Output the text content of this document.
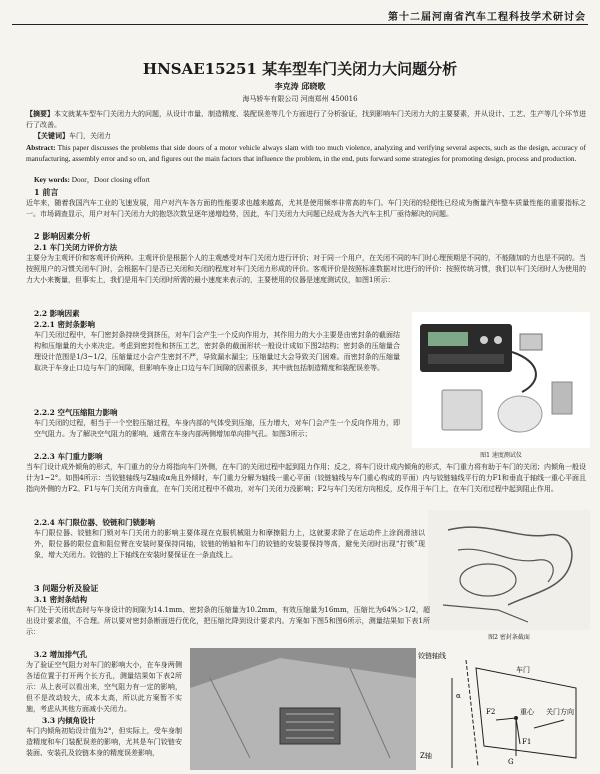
第十二届河南省汽车工程科技学术研讨会
HNSAE15251 某车型车门关闭力大问题分析
李克涛 邱晓歌
海马轿车有限公司 河南郑州 450016
【摘要】本文就某车型车门关闭力大的问题，从设计市量、制造精度、装配误差等几个方面进行了分析验证，找到影响车门关闭力大的主要要素，并从设计、工艺、生产等几个环节进行了改善。
【关键词】车门，关闭力
Abstract: This paper discusses the problems that side doors of a motor vehicle always slam with too much violence, analyzing and verifying several aspects, such as the design, accuracy of manufacturing, assembly error and so on, and figures out the main factors that influence the problem, in the end, puts forward some strategies for promoting design, process and production.
Key words: Door，Door closing effort
1 前言
近年来，随着我国汽车工业的飞速发展，用户对汽车各方面的性能要求也越来越高，尤其是使用频率非常高的车门。车门关闭的轻便性已经成为衡量汽车整车质量性能的重要指标之一。市场调查显示，用户对车门关闭力大的抱怨次数呈逐年递增趋势，因此，车门关闭力大问题已经成为各大汽车主机厂亟待解决的问题。
2 影响因素分析
2.1 车门关闭力评价方法
主要分为主观评价和客观评价两种。主观评价是根据个人的主观感受对车门关闭力进行评价；对于同一个用户，在关闭不同的车门时心理预期是不同的，不能随加的力也是不同的。当按照用户的习惯关闭车门时，会根据车门是否已关闭和关闭的程度对车门关闭力形成的评价。客观评价是按照标准数据对比进行的评价：按照传统习惯，我们以车门关闭时人为使用的力大小来衡量，但事实上，我们是用车门关闭时所需的最小速度来表示的，主要使用的仪器是速度测试仪，如图1所示：
2.2 影响因素
2.2.1 密封条影响
车门关闭过程中，车门密封条持续受到挤压，对车门会产生一个反向作用力，其作用力的大小主要是由密封条的截面结构和压缩量的大小来决定。考虑到密封性和挤压工艺，密封条的截面形状一般设计成如下图2结构；密封条的压缩量合理设计范围是1/3~1/2，压缩量过小会产生密封不严，导致漏水漏尘；压缩量过大会导致关门困难。而密封条的压缩量取决于车身止口边与车门的间隙，但影响车身止口边与车门间隙的因素很多，其中就包括制造精度和装配误差等。
2.2.2 空气压缩阻力影响
车门关闭的过程，相当于一个空腔压缩过程，车身内部的气体受到压缩，压力增大，对车门会产生一个反向作用力，即空气阻力。为了解决空气阻力的影响，通常在车身内部两侧增加单向排气孔。如图3所示；
图1 速度测试仪
2.2.3 车门重力影响
当车门设计成外倾角的形式，车门重力的分力将指向车门外侧，在车门的关闭过程中起到阻力作用；反之，将车门设计成内倾角的形式，车门重力将有助于车门的关闭；内倾角一般设计为1~2°。如图4所示：当铰链轴线与Z轴成α角且外倾时，车门重力分解为轴线一重心平面（铰链轴线与车门重心构成的平面）内与铰链轴线平行的力F1和垂直于轴线一重心平面且指向外侧的力F2。F1与车门关闭方向垂直，在车门关闭过程中不做功，对车门关闭力没影响；F2与车门关闭方向相反，反作用于车门上，在车门关闭过程中起到阻止作用。
2.2.4 车门限位器、铰链和门锁影响
车门限位器、铰链和门锁对车门关闭力的影响主要体现在克服机械阻力和摩擦阻力上，这就要求除了在运动件上涂润滑油以外，限位器的限位盒和阻位臂在安装时要保持同轴，铰链的销轴和车门的铰链的安装要保持等高，避免关闭时出现“打锁”现象，增大关闭力。铰链的上下轴线在安装时要保证在一条直线上。
图2 密封条截面
3 问题分析及验证
3.1 密封条结构
车门处于关闭状态时与车身设计的间隙为14.1mm、密封条的压缩量为10.2mm，有效压缩量为16mm，压缩比为64%＞1/2，超出设计要求值，不合理。所以要对密封条断面进行优化，把压缩比降到设计要求内。方案如下图5和图6所示，测量结果如下表1所示：
3.2 增加排气孔
为了验证空气阻力对车门的影响大小，在车身两侧各适位置于打开两个长方孔，测量结果如下表2所示：从上表可以看出来，空气阻力有一定的影响，但不是改动较大，成本太高，所以此方案暂不实施，考虑从其他方面减小关闭力。
3.3 内倾角设计
车门内倾角初始设计值为2°，但实际上，受车身制造精度和车门装配误差的影响，尤其是车门铰链安装面、安装孔及铰链本身的精度误差影响，
铰链轴线
车门
重心
F2
F1
G
关门方向
Z轴
α
